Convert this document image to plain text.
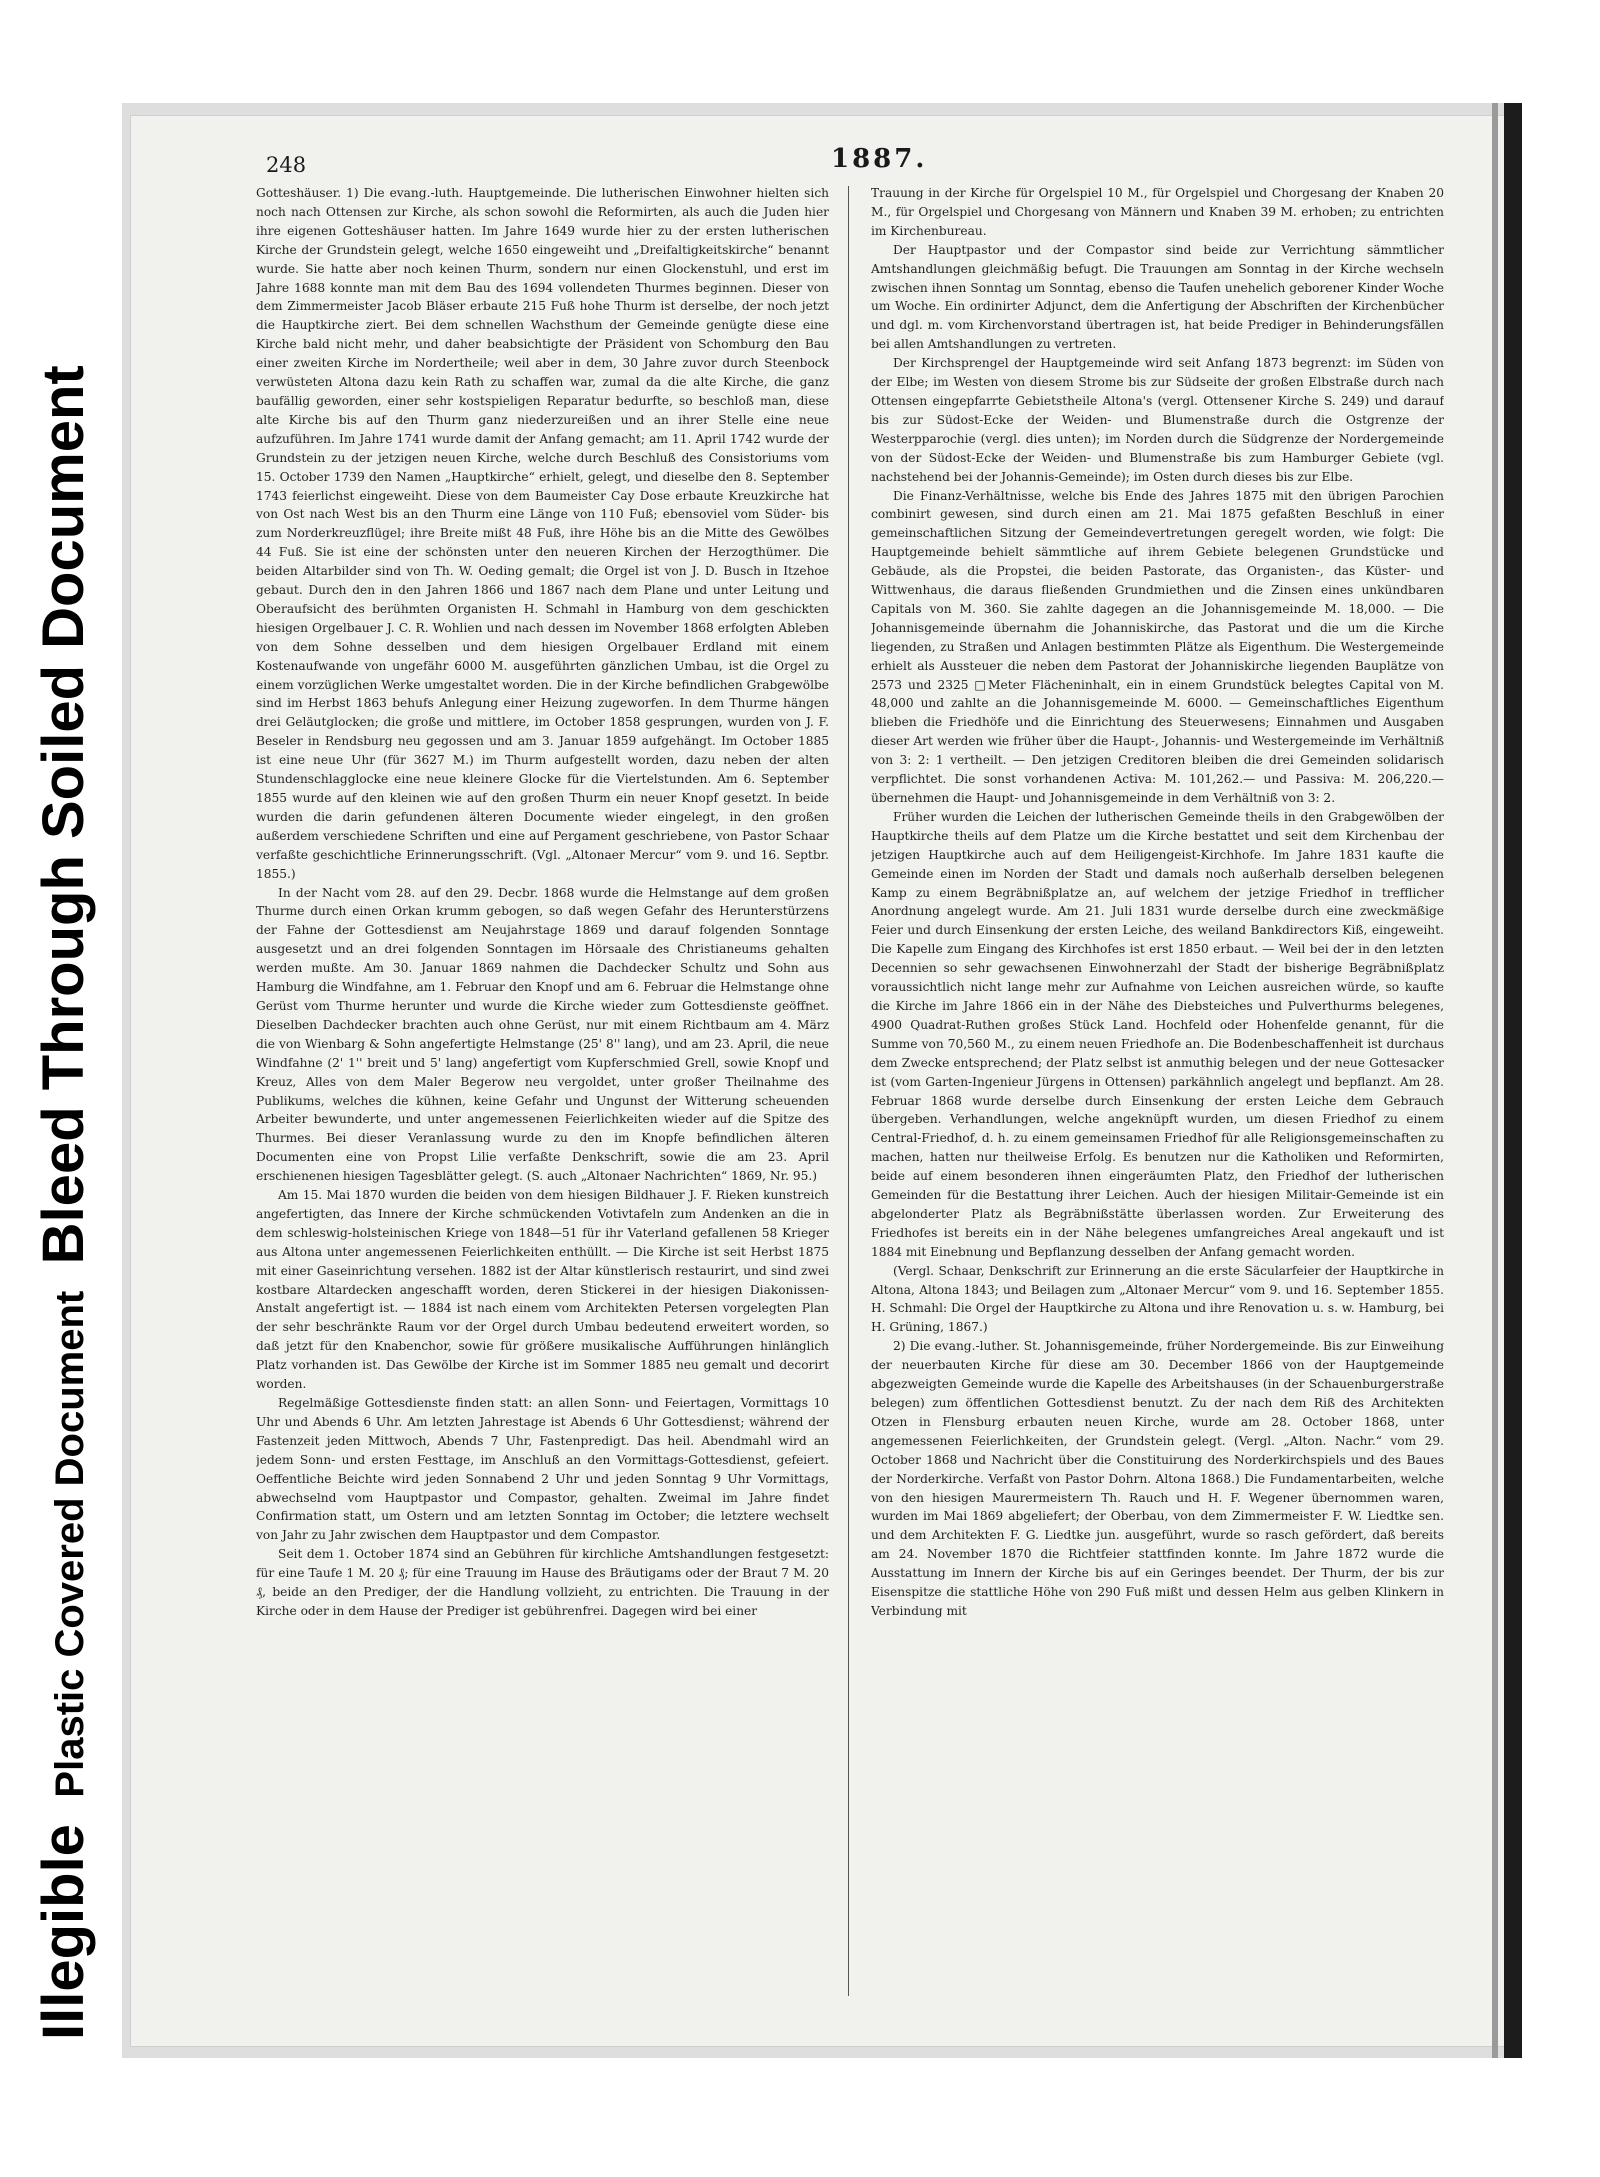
Illegible Plastic Covered Document Bleed Through Soiled Document
248	1887.

Gotteshäuser. 1) Die evang.-luth. Hauptgemeinde. Die lutherischen Einwohner hielten sich noch nach Ottensen zur Kirche, als schon sowohl die Reformirten, als auch die Juden hier ihre eigenen Gotteshäuser hatten. Im Jahre 1649 wurde hier zu der ersten lutherischen Kirche der Grundstein gelegt, welche 1650 eingeweiht und „Dreifaltigkeitskirche“ benannt wurde. Sie hatte aber noch keinen Thurm, sondern nur einen Glockenstuhl, und erst im Jahre 1688 konnte man mit dem Bau des 1694 vollendeten Thurmes beginnen. Dieser von dem Zimmermeister Jacob Bläser erbaute 215 Fuß hohe Thurm ist derselbe, der noch jetzt die Hauptkirche ziert. Bei dem schnellen Wachsthum der Gemeinde genügte diese eine Kirche bald nicht mehr, und daher beabsichtigte der Präsident von Schomburg den Bau einer zweiten Kirche im Nordertheile; weil aber in dem, 30 Jahre zuvor durch Steenbock verwüsteten Altona dazu kein Rath zu schaffen war, zumal da die alte Kirche, die ganz baufällig geworden, einer sehr kostspieligen Reparatur bedurfte, so beschloß man, diese alte Kirche bis auf den Thurm ganz niederzureißen und an ihrer Stelle eine neue aufzuführen. Im Jahre 1741 wurde damit der Anfang gemacht; am 11. April 1742 wurde der Grundstein zu der jetzigen neuen Kirche, welche durch Beschluß des Consistoriums vom 15. October 1739 den Namen „Hauptkirche“ erhielt, gelegt, und dieselbe den 8. September 1743 feierlichst eingeweiht. Diese von dem Baumeister Cay Dose erbaute Kreuzkirche hat von Ost nach West bis an den Thurm eine Länge von 110 Fuß; ebensoviel vom Süder- bis zum Norderkreuzflügel; ihre Breite mißt 48 Fuß, ihre Höhe bis an die Mitte des Gewölbes 44 Fuß. Sie ist eine der schönsten unter den neueren Kirchen der Herzogthümer. Die beiden Altarbilder sind von Th. W. Oeding gemalt; die Orgel ist von J. D. Busch in Itzehoe gebaut. Durch den in den Jahren 1866 und 1867 nach dem Plane und unter Leitung und Oberaufsicht des berühmten Organisten H. Schmahl in Hamburg von dem geschickten hiesigen Orgelbauer J. C. R. Wohlien und nach dessen im November 1868 erfolgten Ableben von dem Sohne desselben und dem hiesigen Orgelbauer Erdland mit einem Kostenaufwande von ungefähr 6000 M. ausgeführten gänzlichen Umbau, ist die Orgel zu einem vorzüglichen Werke umgestaltet worden. Die in der Kirche befindlichen Grabgewölbe sind im Herbst 1863 behufs Anlegung einer Heizung zugeworfen. In dem Thurme hängen drei Geläutglocken; die große und mittlere, im October 1858 gesprungen, wurden von J. F. Beseler in Rendsburg neu gegossen und am 3. Januar 1859 aufgehängt. Im October 1885 ist eine neue Uhr (für 3627 M.) im Thurm aufgestellt worden, dazu neben der alten Stundenschlagglocke eine neue kleinere Glocke für die Viertelstunden. Am 6. September 1855 wurde auf den kleinen wie auf den großen Thurm ein neuer Knopf gesetzt. In beide wurden die darin gefundenen älteren Documente wieder eingelegt, in den großen außerdem verschiedene Schriften und eine auf Pergament geschriebene, von Pastor Schaar verfaßte geschichtliche Erinnerungsschrift. (Vgl. „Altonaer Mercur“ vom 9. und 16. Septbr. 1855.)

In der Nacht vom 28. auf den 29. Decbr. 1868 wurde die Helmstange auf dem großen Thurme durch einen Orkan krumm gebogen, so daß wegen Gefahr des Herunterstürzens der Fahne der Gottesdienst am Neujahrstage 1869 und darauf folgenden Sonntage ausgesetzt und an drei folgenden Sonntagen im Hörsaale des Christianeums gehalten werden mußte. Am 30. Januar 1869 nahmen die Dachdecker Schultz und Sohn aus Hamburg die Windfahne, am 1. Februar den Knopf und am 6. Februar die Helmstange ohne Gerüst vom Thurme herunter und wurde die Kirche wieder zum Gottesdienste geöffnet. Dieselben Dachdecker brachten auch ohne Gerüst, nur mit einem Richtbaum am 4. März die von Wienbarg & Sohn angefertigte Helmstange (25' 8'' lang), und am 23. April, die neue Windfahne (2' 1'' breit und 5' lang) angefertigt vom Kupferschmied Grell, sowie Knopf und Kreuz, Alles von dem Maler Begerow neu vergoldet, unter großer Theilnahme des Publikums, welches die kühnen, keine Gefahr und Ungunst der Witterung scheuenden Arbeiter bewunderte, und unter angemessenen Feierlichkeiten wieder auf die Spitze des Thurmes. Bei dieser Veranlassung wurde zu den im Knopfe befindlichen älteren Documenten eine von Propst Lilie verfaßte Denkschrift, sowie die am 23. April erschienenen hiesigen Tagesblätter gelegt. (S. auch „Altonaer Nachrichten“ 1869, Nr. 95.)

Am 15. Mai 1870 wurden die beiden von dem hiesigen Bildhauer J. F. Rieken kunstreich angefertigten, das Innere der Kirche schmückenden Votivtafeln zum Andenken an die in dem schleswig-holsteinischen Kriege von 1848—51 für ihr Vaterland gefallenen 58 Krieger aus Altona unter angemessenen Feierlichkeiten enthüllt. — Die Kirche ist seit Herbst 1875 mit einer Gaseinrichtung versehen. 1882 ist der Altar künstlerisch restaurirt, und sind zwei kostbare Altardecken angeschafft worden, deren Stickerei in der hiesigen Diakonissen-Anstalt angefertigt ist. — 1884 ist nach einem vom Architekten Petersen vorgelegten Plan der sehr beschränkte Raum vor der Orgel durch Umbau bedeutend erweitert worden, so daß jetzt für den Knabenchor, sowie für größere musikalische Aufführungen hinlänglich Platz vorhanden ist. Das Gewölbe der Kirche ist im Sommer 1885 neu gemalt und decorirt worden.

Regelmäßige Gottesdienste finden statt: an allen Sonn- und Feiertagen, Vormittags 10 Uhr und Abends 6 Uhr. Am letzten Jahrestage ist Abends 6 Uhr Gottesdienst; während der Fastenzeit jeden Mittwoch, Abends 7 Uhr, Fastenpredigt. Das heil. Abendmahl wird an jedem Sonn- und ersten Festtage, im Anschluß an den Vormittags-Gottesdienst, gefeiert. Oeffentliche Beichte wird jeden Sonnabend 2 Uhr und jeden Sonntag 9 Uhr Vormittags, abwechselnd vom Hauptpastor und Compastor, gehalten. Zweimal im Jahre findet Confirmation statt, um Ostern und am letzten Sonntag im October; die letztere wechselt von Jahr zu Jahr zwischen dem Hauptpastor und dem Compastor.

Seit dem 1. October 1874 sind an Gebühren für kirchliche Amtshandlungen festgesetzt: für eine Taufe 1 M. 20 ₰; für eine Trauung im Hause des Bräutigams oder der Braut 7 M. 20 ₰, beide an den Prediger, der die Handlung vollzieht, zu entrichten. Die Trauung in der Kirche oder in dem Hause der Prediger ist gebührenfrei. Dagegen wird bei einer

Trauung in der Kirche für Orgelspiel 10 M., für Orgelspiel und Chorgesang der Knaben 20 M., für Orgelspiel und Chorgesang von Männern und Knaben 39 M. erhoben; zu entrichten im Kirchenbureau.

Der Hauptpastor und der Compastor sind beide zur Verrichtung sämmtlicher Amtshandlungen gleichmäßig befugt. Die Trauungen am Sonntag in der Kirche wechseln zwischen ihnen Sonntag um Sonntag, ebenso die Taufen unehelich geborener Kinder Woche um Woche. Ein ordinirter Adjunct, dem die Anfertigung der Abschriften der Kirchenbücher und dgl. m. vom Kirchenvorstand übertragen ist, hat beide Prediger in Behinderungsfällen bei allen Amtshandlungen zu vertreten.

Der Kirchsprengel der Hauptgemeinde wird seit Anfang 1873 begrenzt: im Süden von der Elbe; im Westen von diesem Strome bis zur Südseite der großen Elbstraße durch nach Ottensen eingepfarrte Gebietstheile Altona's (vergl. Ottensener Kirche S. 249) und darauf bis zur Südost-Ecke der Weiden- und Blumenstraße durch die Ostgrenze der Westerpparochie (vergl. dies unten); im Norden durch die Südgrenze der Nordergemeinde von der Südost-Ecke der Weiden- und Blumenstraße bis zum Hamburger Gebiete (vgl. nachstehend bei der Johannis-Gemeinde); im Osten durch dieses bis zur Elbe.

Die Finanz-Verhältnisse, welche bis Ende des Jahres 1875 mit den übrigen Parochien combinirt gewesen, sind durch einen am 21. Mai 1875 gefaßten Beschluß in einer gemeinschaftlichen Sitzung der Gemeindevertretungen geregelt worden, wie folgt: Die Hauptgemeinde behielt sämmtliche auf ihrem Gebiete belegenen Grundstücke und Gebäude, als die Propstei, die beiden Pastorate, das Organisten-, das Küster- und Wittwenhaus, die daraus fließenden Grundmiethen und die Zinsen eines unkündbaren Capitals von M. 360. Sie zahlte dagegen an die Johannisgemeinde M. 18,000. — Die Johannisgemeinde übernahm die Johanniskirche, das Pastorat und die um die Kirche liegenden, zu Straßen und Anlagen bestimmten Plätze als Eigenthum. Die Westergemeinde erhielt als Aussteuer die neben dem Pastorat der Johanniskirche liegenden Bauplätze von 2573 und 2325 □Meter Flächeninhalt, ein in einem Grundstück belegtes Capital von M. 48,000 und zahlte an die Johannisgemeinde M. 6000. — Gemeinschaftliches Eigenthum blieben die Friedhöfe und die Einrichtung des Steuerwesens; Einnahmen und Ausgaben dieser Art werden wie früher über die Haupt-, Johannis- und Westergemeinde im Verhältniß von 3: 2: 1 vertheilt. — Den jetzigen Creditoren bleiben die drei Gemeinden solidarisch verpflichtet. Die sonst vorhandenen Activa: M. 101,262.— und Passiva: M. 206,220.— übernehmen die Haupt- und Johannisgemeinde in dem Verhältniß von 3: 2.

Früher wurden die Leichen der lutherischen Gemeinde theils in den Grabgewölben der Hauptkirche theils auf dem Platze um die Kirche bestattet und seit dem Kirchenbau der jetzigen Hauptkirche auch auf dem Heiligengeist-Kirchhofe. Im Jahre 1831 kaufte die Gemeinde einen im Norden der Stadt und damals noch außerhalb derselben belegenen Kamp zu einem Begräbnißplatze an, auf welchem der jetzige Friedhof in trefflicher Anordnung angelegt wurde. Am 21. Juli 1831 wurde derselbe durch eine zweckmäßige Feier und durch Einsenkung der ersten Leiche, des weiland Bankdirectors Kiß, eingeweiht. Die Kapelle zum Eingang des Kirchhofes ist erst 1850 erbaut. — Weil bei der in den letzten Decennien so sehr gewachsenen Einwohnerzahl der Stadt der bisherige Begräbnißplatz voraussichtlich nicht lange mehr zur Aufnahme von Leichen ausreichen würde, so kaufte die Kirche im Jahre 1866 ein in der Nähe des Diebsteiches und Pulverthurms belegenes, 4900 Quadrat-Ruthen großes Stück Land. Hochfeld oder Hohenfelde genannt, für die Summe von 70,560 M., zu einem neuen Friedhofe an. Die Bodenbeschaffenheit ist durchaus dem Zwecke entsprechend; der Platz selbst ist anmuthig belegen und der neue Gottesacker ist (vom Garten-Ingenieur Jürgens in Ottensen) parkähnlich angelegt und bepflanzt. Am 28. Februar 1868 wurde derselbe durch Einsenkung der ersten Leiche dem Gebrauch übergeben. Verhandlungen, welche angeknüpft wurden, um diesen Friedhof zu einem Central-Friedhof, d. h. zu einem gemeinsamen Friedhof für alle Religionsgemeinschaften zu machen, hatten nur theilweise Erfolg. Es benutzen nur die Katholiken und Reformirten, beide auf einem besonderen ihnen eingeräumten Platz, den Friedhof der lutherischen Gemeinden für die Bestattung ihrer Leichen. Auch der hiesigen Militair-Gemeinde ist ein abgelonderter Platz als Begräbnißstätte überlassen worden. Zur Erweiterung des Friedhofes ist bereits ein in der Nähe belegenes umfangreiches Areal angekauft und ist 1884 mit Einebnung und Bepflanzung desselben der Anfang gemacht worden.

(Vergl. Schaar, Denkschrift zur Erinnerung an die erste Säcularfeier der Hauptkirche in Altona, Altona 1843; und Beilagen zum „Altonaer Mercur“ vom 9. und 16. September 1855. H. Schmahl: Die Orgel der Hauptkirche zu Altona und ihre Renovation u. s. w. Hamburg, bei H. Grüning, 1867.)

2) Die evang.-luther. St. Johannisgemeinde, früher Nordergemeinde. Bis zur Einweihung der neuerbauten Kirche für diese am 30. December 1866 von der Hauptgemeinde abgezweigten Gemeinde wurde die Kapelle des Arbeitshauses (in der Schauenburgerstraße belegen) zum öffentlichen Gottesdienst benutzt. Zu der nach dem Riß des Architekten Otzen in Flensburg erbauten neuen Kirche, wurde am 28. October 1868, unter angemessenen Feierlichkeiten, der Grundstein gelegt. (Vergl. „Alton. Nachr.“ vom 29. October 1868 und Nachricht über die Constituirung des Norderkirchspiels und des Baues der Norderkirche. Verfaßt von Pastor Dohrn. Altona 1868.) Die Fundamentarbeiten, welche von den hiesigen Maurermeistern Th. Rauch und H. F. Wegener übernommen waren, wurden im Mai 1869 abgeliefert; der Oberbau, von dem Zimmermeister F. W. Liedtke sen. und dem Architekten F. G. Liedtke jun. ausgeführt, wurde so rasch gefördert, daß bereits am 24. November 1870 die Richtfeier stattfinden konnte. Im Jahre 1872 wurde die Ausstattung im Innern der Kirche bis auf ein Geringes beendet. Der Thurm, der bis zur Eisenspitze die stattliche Höhe von 290 Fuß mißt und dessen Helm aus gelben Klinkern in Verbindung mit
